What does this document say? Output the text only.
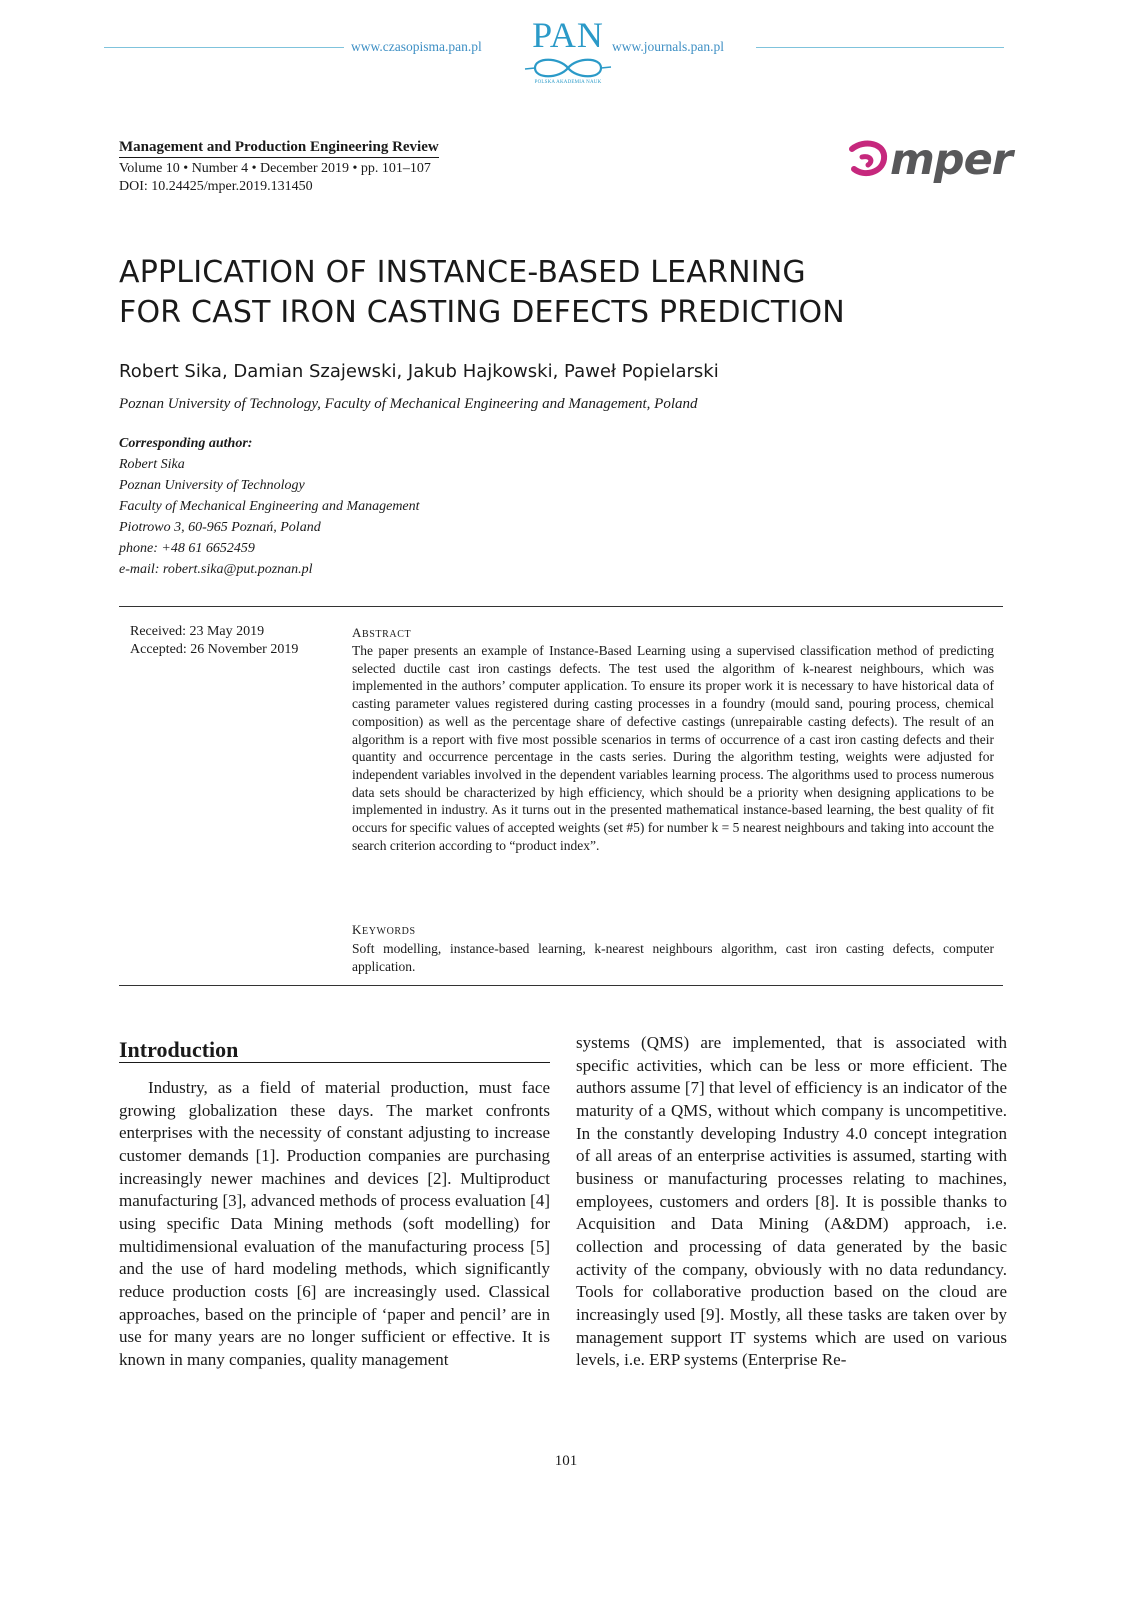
www.czasopisma.pan.pl PAN
POLSKA AKADEMIA NAUK
www.journals.pan.pl
Management and Production Engineering Review
Volume 10 • Number 4 • December 2019 • pp. 101–107
DOI: 10.24425/mper.2019.131450
mper
APPLICATION OF INSTANCE-BASED LEARNING
FOR CAST IRON CASTING DEFECTS PREDICTION
Robert Sika, Damian Szajewski, Jakub Hajkowski, Paweł Popielarski
Poznan University of Technology, Faculty of Mechanical Engineering and Management, Poland
Corresponding author:
Robert Sika
Poznan University of Technology
Faculty of Mechanical Engineering and Management
Piotrowo 3, 60-965 Poznań, Poland
phone: +48 61 6652459
e-mail: robert.sika@put.poznan.pl
Received: 23 May 2019
Accepted: 26 November 2019
ABSTRACT
The paper presents an example of Instance-Based Learning using a supervised classification method of predicting selected ductile cast iron castings defects. The test used the algorithm of k-nearest neighbours, which was implemented in the authors’ computer application. To ensure its proper work it is necessary to have historical data of casting parameter values registered during casting processes in a foundry (mould sand, pouring process, chemical composition) as well as the percentage share of defective castings (unrepairable casting defects). The result of an algorithm is a report with five most possible scenarios in terms of occurrence of a cast iron casting defects and their quantity and occurrence percentage in the casts series. During the algorithm testing, weights were adjusted for independent variables involved in the dependent variables learning process. The algorithms used to process numerous data sets should be characterized by high efficiency, which should be a priority when designing applications to be implemented in industry. As it turns out in the presented mathematical instance-based learning, the best quality of fit occurs for specific values of accepted weights (set #5) for number k = 5 nearest neighbours and taking into account the search criterion according to “product index”.
KEYWORDS
Soft modelling, instance-based learning, k-nearest neighbours algorithm, cast iron casting defects, computer application.
Introduction
Industry, as a field of material production, must face growing globalization these days. The market confronts enterprises with the necessity of constant adjusting to increase customer demands [1]. Production companies are purchasing increasingly newer machines and devices [2]. Multiproduct manufacturing [3], advanced methods of process evaluation [4] using specific Data Mining methods (soft modelling) for multidimensional evaluation of the manufacturing process [5] and the use of hard modeling methods, which significantly reduce production costs [6] are increasingly used. Classical approaches, based on the principle of ‘paper and pencil’ are in use for many years are no longer sufficient or effective. It is known in many companies, quality management
systems (QMS) are implemented, that is associated with specific activities, which can be less or more efficient. The authors assume [7] that level of efficiency is an indicator of the maturity of a QMS, without which company is uncompetitive. In the constantly developing Industry 4.0 concept integration of all areas of an enterprise activities is assumed, starting with business or manufacturing processes relating to machines, employees, customers and orders [8]. It is possible thanks to Acquisition and Data Mining (A&DM) approach, i.e. collection and processing of data generated by the basic activity of the company, obviously with no data redundancy. Tools for collaborative production based on the cloud are increasingly used [9]. Mostly, all these tasks are taken over by management support IT systems which are used on various levels, i.e. ERP systems (Enterprise Re-
101
